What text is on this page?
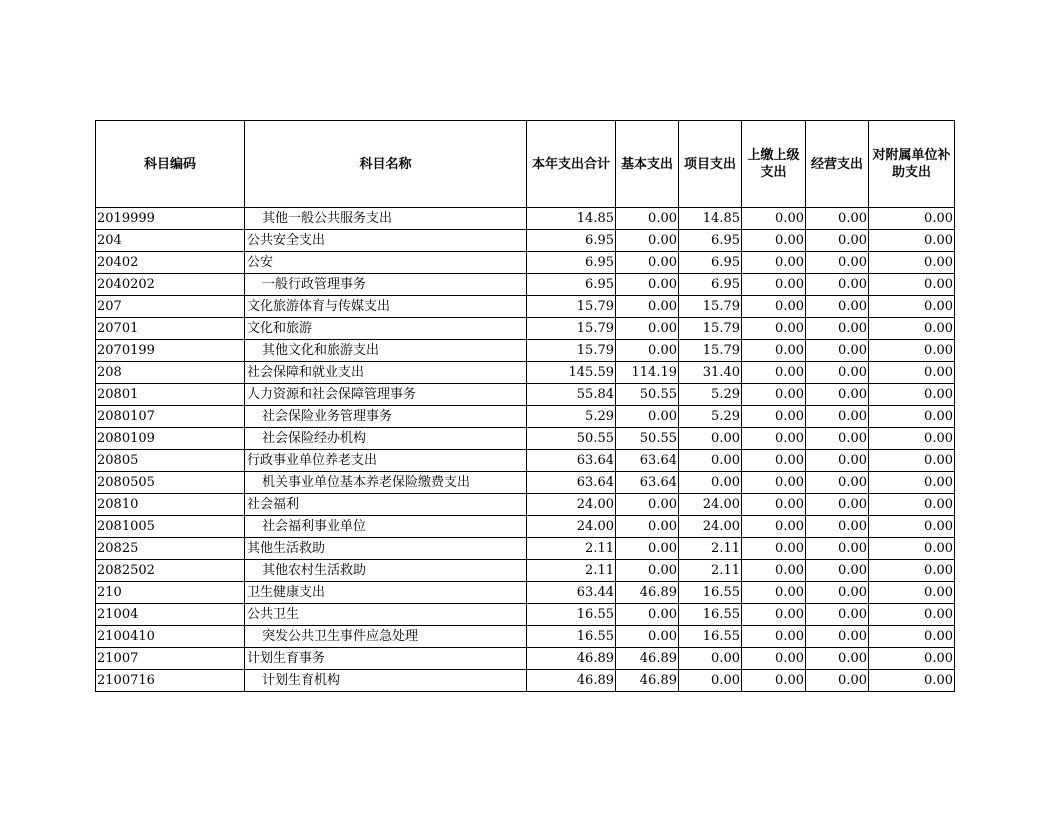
科目编码	科目名称	本年支出合计	基本支出	项目支出	上缴上级支出	经营支出	对附属单位补助支出
2019999	其他一般公共服务支出	14.85	0.00	14.85	0.00	0.00	0.00
204	公共安全支出	6.95	0.00	6.95	0.00	0.00	0.00
20402	公安	6.95	0.00	6.95	0.00	0.00	0.00
2040202	一般行政管理事务	6.95	0.00	6.95	0.00	0.00	0.00
207	文化旅游体育与传媒支出	15.79	0.00	15.79	0.00	0.00	0.00
20701	文化和旅游	15.79	0.00	15.79	0.00	0.00	0.00
2070199	其他文化和旅游支出	15.79	0.00	15.79	0.00	0.00	0.00
208	社会保障和就业支出	145.59	114.19	31.40	0.00	0.00	0.00
20801	人力资源和社会保障管理事务	55.84	50.55	5.29	0.00	0.00	0.00
2080107	社会保险业务管理事务	5.29	0.00	5.29	0.00	0.00	0.00
2080109	社会保险经办机构	50.55	50.55	0.00	0.00	0.00	0.00
20805	行政事业单位养老支出	63.64	63.64	0.00	0.00	0.00	0.00
2080505	机关事业单位基本养老保险缴费支出	63.64	63.64	0.00	0.00	0.00	0.00
20810	社会福利	24.00	0.00	24.00	0.00	0.00	0.00
2081005	社会福利事业单位	24.00	0.00	24.00	0.00	0.00	0.00
20825	其他生活救助	2.11	0.00	2.11	0.00	0.00	0.00
2082502	其他农村生活救助	2.11	0.00	2.11	0.00	0.00	0.00
210	卫生健康支出	63.44	46.89	16.55	0.00	0.00	0.00
21004	公共卫生	16.55	0.00	16.55	0.00	0.00	0.00
2100410	突发公共卫生事件应急处理	16.55	0.00	16.55	0.00	0.00	0.00
21007	计划生育事务	46.89	46.89	0.00	0.00	0.00	0.00
2100716	计划生育机构	46.89	46.89	0.00	0.00	0.00	0.00
